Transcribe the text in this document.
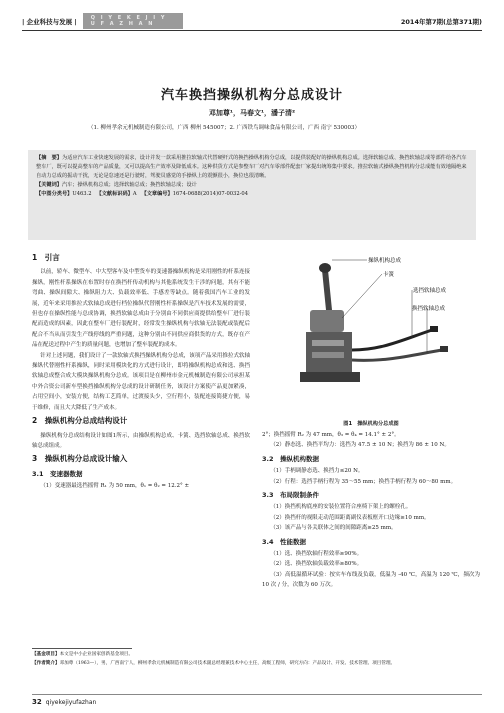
| 企业科技与发展 |	Q I Y E K E J I Y U F A Z H A N	2014年第7期(总第371期)
汽车换挡操纵机构分总成设计
邓加尊¹，马春文¹，潘子清²
（1. 柳州孝余元机械制造有限公司，广西 柳州 545007；2. 广西铁鸟调味食品有限公司，广西 南宁 530003）
【摘　要】为适应汽车工业快速发展的需求，设计并发一款采用推拉软轴式代替硬杆式的换挡操纵机构分总成，以提供装配好的操纵机构总成。选择软轴总成、换挡软轴总成等部件给各汽车整车厂，既可以提高整车的产品质量，又可以提高生产效率及降低成本。这种供货方式是参整车厂对汽车零部件配套厂家提出统筹集中要求。推拉软轴式操纵换挡机构分总成能有效地隔绝来自动力总成的振动干扰，无论是怠速还是行驶时，驾驶员感觉的手操纵上的震颤很小，换位也很清晰。
【关键词】汽车；操纵机构总成；选择软轴总成；换挡软轴总成；设计
【中图分类号】U463.2 【文献标识码】A 【文章编号】1674-0688(2014)07-0032-04
1　引言
以前，轿车、微型车、中大型客车及中型货车的变速器操纵机构是采用刚性的杆系连接操纵，刚性杆系操纵在布置时存在换挡杆传动机构与其他系统发生干涉的问题，其有不能弯曲、操纵间隙大、操纵阻力大、负载效率低、手感差等缺点。随着我国汽车工业的发展，近年来采用推拉式软轴总成进行档位操纵代替刚性杆系操纵是汽车技术发展的需要，但也存在操纵性能与总成协调，换挡软轴总成由于分别由不同供应商提供给整车厂进行装配而造成的因素，因此在整车厂进行装配时，经常发生操纵机构与软轴无法装配或装配后配合不当从而引发生产线停线的严重问题，这种分别由不同供应商供货的方式，既存在产品在配送过程中产生的质量问题，也增加了整车装配的成本。
针对上述问题，我们设计了一款软轴式换挡操纵机构分总成，该项产品采用推拉式软轴操纵代替刚性杆系操纵，同时采用模块化的方式进行设计，即将操纵机构总成和选、换挡软轴总成整合成大模块操纵机构分总成。该项目是在柳州市金元机械制造有限公司承担某中外合资公司新车型换挡操纵机构分总成的设计研制任务，该设计方案使产品更加紧凑，占用空间小，安装方便，结构工艺简单，过渡接头少，空行程小，装配连接简捷方便，易于维修，而且大大降低了生产成本。
2　操纵机构分总成结构设计
操纵机构分总成结构设计如图1所示，由操纵机构总成、卡簧、选挡软轴总成、换挡软轴总成组成。
3　操纵机构分总成设计输入
3.1　变速器数据
（1）变速器最选挡摇臂 R₁ 为 50 mm，θ₁ = θ₂ = 12.2° ±
操纵机构总成
卡簧
选挡软轴总成
换挡软轴总成
图1　操纵机构分总成图
2°；换挡摇臂 R₂ 为 47 mm，θ₃ = θ₄ = 14.1° ± 2°。
（2）静态选、换挡平均力：选挡为 47.5 ± 10 N；换挡为 86 ± 10 N。
3.2　操纵机构数据
（1）手柄调静态选、换挡力≤20 N。
（2）行程：选挡手柄行程为 35～55 mm；换挡手柄行程为 60～80 mm。
3.3　布局限制条件
（1）换挡机构底座的安装位置符合座椅下架上的螺栓孔。
（2）换挡杆的视限走动范围距离副仪表板框开口边缘≥10 mm。
（3）该产品与各关联体之间的间隙距离≥25 mm。
3.4　性能数据
（1）选、换挡软轴行程效率≥90%。
（2）选、换挡软轴负载效率≥80%。
（3）高低温循环试验：按实车布线及负载，低温为 -40 ℃，高温为 120 ℃，频次为 10 次 / 分，次数为 60 万次。
【基金项目】本文是中小企业国家创新基金项目。
【作者简介】邓加尊（1963—），男，广西南宁人，柳州孝余元机械制造有限公司技术副总经理兼技术中心主任，高级工程师，研究方向：产品设计、开发、技术管理、项目管理。
32 qiyekejiyufazhan
